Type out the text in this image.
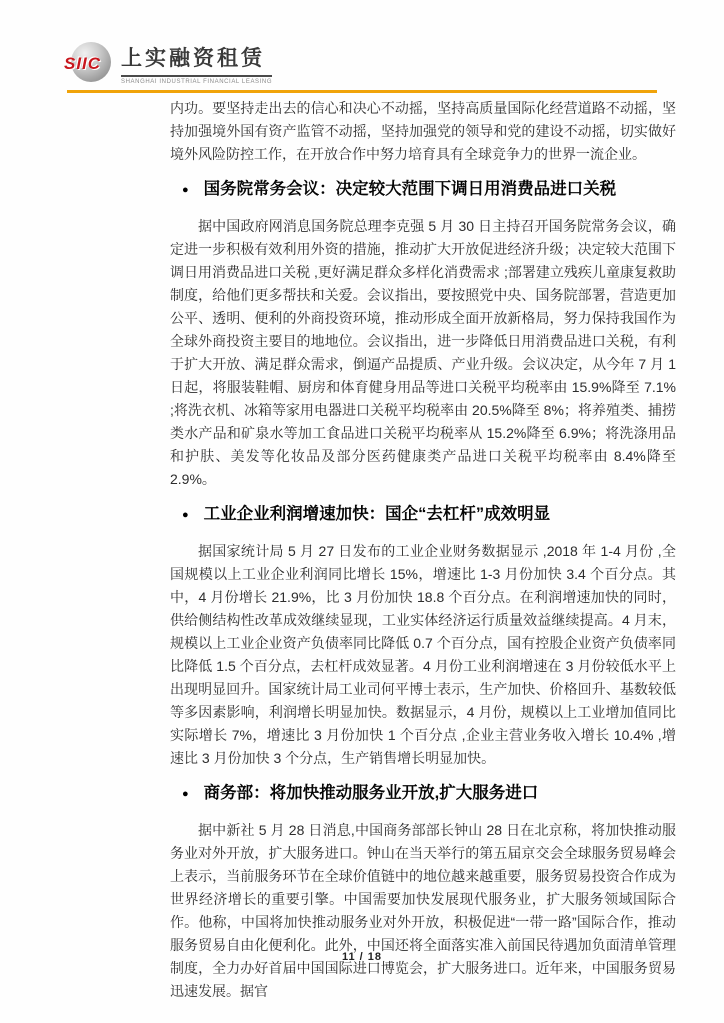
SIIC 上实融资租赁
SHANGHAI INDUSTRIAL FINANCIAL LEASING

内功。要坚持走出去的信心和决心不动摇，坚持高质量国际化经营道路不动摇，坚持加强境外国有资产监管不动摇，坚持加强党的领导和党的建设不动摇，切实做好境外风险防控工作，在开放合作中努力培育具有全球竞争力的世界一流企业。

● 国务院常务会议：决定较大范围下调日用消费品进口关税

据中国政府网消息国务院总理李克强 5 月 30 日主持召开国务院常务会议，确定进一步积极有效利用外资的措施，推动扩大开放促进经济升级；决定较大范围下调日用消费品进口关税 ,更好满足群众多样化消费需求 ;部署建立残疾儿童康复救助制度，给他们更多帮扶和关爱。会议指出，要按照党中央、国务院部署，营造更加公平、透明、便利的外商投资环境，推动形成全面开放新格局，努力保持我国作为全球外商投资主要目的地地位。会议指出，进一步降低日用消费品进口关税，有利于扩大开放、满足群众需求，倒逼产品提质、产业升级。会议决定，从今年 7 月 1 日起，将服装鞋帽、厨房和体育健身用品等进口关税平均税率由 15.9%降至 7.1% ;将洗衣机、冰箱等家用电器进口关税平均税率由 20.5%降至 8%；将养殖类、捕捞类水产品和矿泉水等加工食品进口关税平均税率从 15.2%降至 6.9%；将洗涤用品和护肤、美发等化妆品及部分医药健康类产品进口关税平均税率由 8.4%降至 2.9%。

● 工业企业利润增速加快：国企“去杠杆”成效明显

据国家统计局 5 月 27 日发布的工业企业财务数据显示 ,2018 年 1-4 月份 ,全国规模以上工业企业利润同比增长 15%，增速比 1-3 月份加快 3.4 个百分点。其中，4 月份增长 21.9%，比 3 月份加快 18.8 个百分点。在利润增速加快的同时，供给侧结构性改革成效继续显现，工业实体经济运行质量效益继续提高。4 月末，规模以上工业企业资产负债率同比降低 0.7 个百分点，国有控股企业资产负债率同比降低 1.5 个百分点，去杠杆成效显著。4 月份工业利润增速在 3 月份较低水平上出现明显回升。国家统计局工业司何平博士表示，生产加快、价格回升、基数较低等多因素影响，利润增长明显加快。数据显示，4 月份，规模以上工业增加值同比实际增长 7%，增速比 3 月份加快 1 个百分点 ,企业主营业务收入增长 10.4% ,增速比 3 月份加快 3 个分点，生产销售增长明显加快。

● 商务部：将加快推动服务业开放,扩大服务进口

据中新社 5 月 28 日消息,中国商务部部长钟山 28 日在北京称，将加快推动服务业对外开放，扩大服务进口。钟山在当天举行的第五届京交会全球服务贸易峰会上表示，当前服务环节在全球价值链中的地位越来越重要，服务贸易投资合作成为世界经济增长的重要引擎。中国需要加快发展现代服务业，扩大服务领域国际合作。他称，中国将加快推动服务业对外开放，积极促进“一带一路”国际合作，推动服务贸易自由化便利化。此外，中国还将全面落实准入前国民待遇加负面清单管理制度，全力办好首届中国国际进口博览会，扩大服务进口。近年来，中国服务贸易迅速发展。据官

11 / 18
